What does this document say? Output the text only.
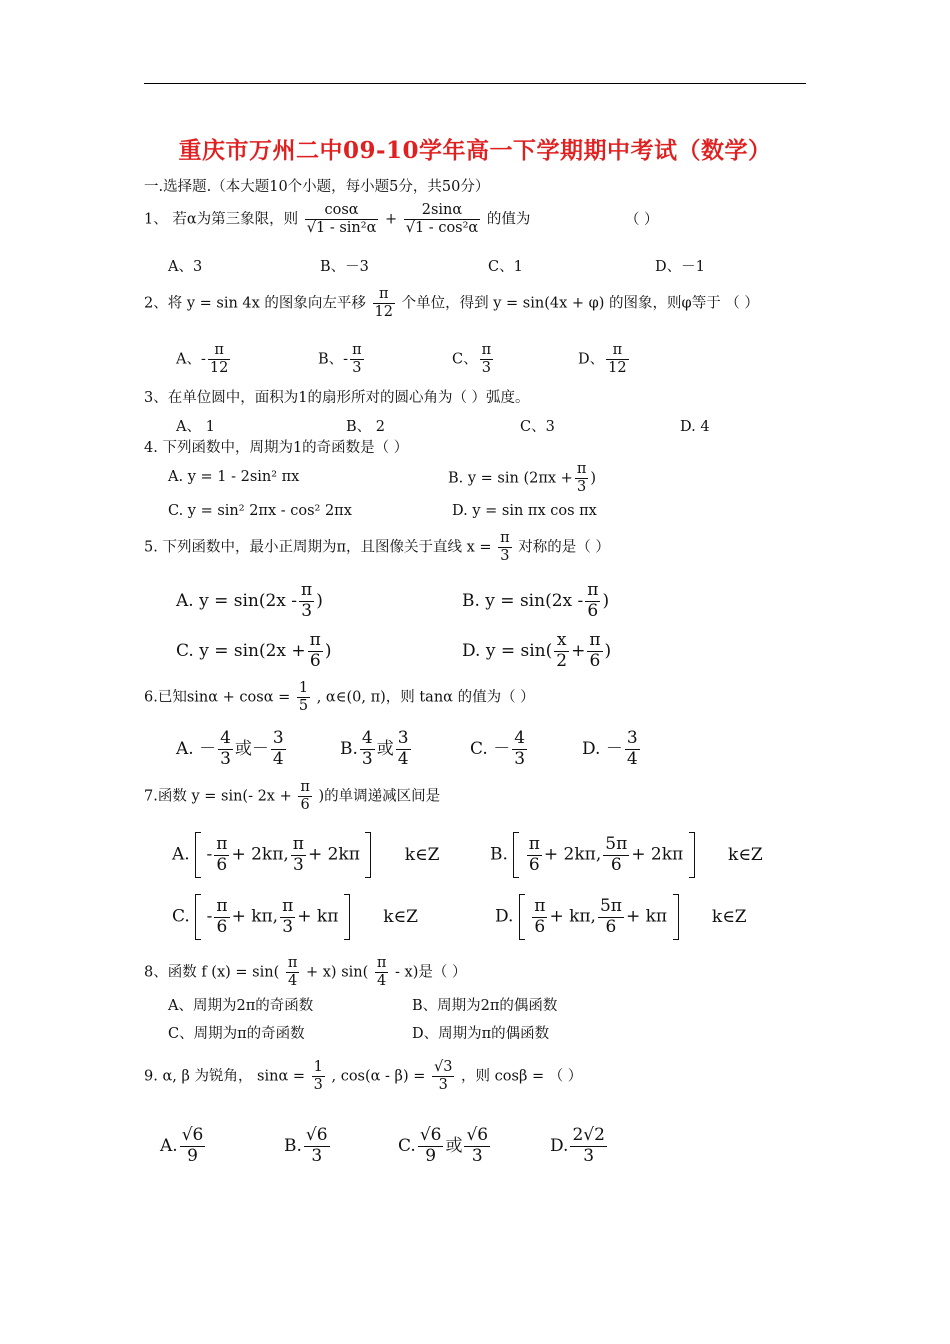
重庆市万州二中09-10学年高一下学期期中考试（数学）
一.选择题.（本大题10个小题，每小题5分，共50分）
1、 若α为第三象限，则 $\frac{\cos\alpha}{\text{√1 - sin²α}} + \frac{2\sin\alpha}{\text{√1 - cos²α}}$ 的值为	（ ）
A、3	B、－3	C、1	D、－1
2、将 y = sin 4x 的图象向左平移 $\frac{\pi}{12}$ 个单位，得到 y = sin(4x + φ) 的图象，则φ等于 （ ）
A、- $\frac{\pi}{12}$	B、- $\frac{\pi}{3}$	C、 $\frac{\pi}{3}$	D、 $\frac{\pi}{12}$
3、在单位圆中，面积为1的扇形所对的圆心角为（ ）弧度。
A、 1	B、 2	C、3	D. 4
4. 下列函数中，周期为1的奇函数是（ ）
A. y = 1 - 2sin² πx	B. $y = \sin (2\pi x + \frac{\pi}{3}$ )
C. y = sin² 2πx - cos² 2πx	D. y = sin πx cos πx
5. 下列函数中，最小正周期为π，且图像关于直线 $x = \frac{\pi}{3}$ 对称的是（ ）
A. $y = \sin(2x - \frac{\pi}{3}$ )	B. $y = \sin(2x - \frac{\pi}{6}$ )
C. $y = \sin(2x + \frac{\pi}{6}$ )	D. $y = \sin( \frac{x}{2} + \frac{\pi}{6}$ )
6.已知$\sin\alpha + \cos\alpha = \frac{1}{5}$ , α∈(0, π)，则 tanα 的值为（ ）
A. － $\frac{4}{3}$ 或－ $\frac{3}{4}$	B. $\frac{4}{3}$ 或 $\frac{3}{4}$	C. － $\frac{4}{3}$	D. － $\frac{3}{4}$
7.函数 y = sin(- $2x + \frac{\pi}{6}$ )的单调递减区间是
A. - $\frac{\pi}{6} + 2k\pi$, $\frac{\pi}{3} + 2k\pi$	k∈Z	B. $\frac{\pi}{6} + 2k\pi$, $\frac{5\pi}{6} + 2k\pi$	k∈Z
C. - $\frac{\pi}{6} + k\pi$, $\frac{\pi}{3} + k\pi$	k∈Z	D. $\frac{\pi}{6} + k\pi$, $\frac{5\pi}{6} + k\pi$	k∈Z
8、函数 f $(x) = \sin( \frac{\pi}{4} + x)$ $\sin( \frac{\pi}{4} - x)$是（ ）
A、周期为2π的奇函数	B、周期为2π的偶函数
C、周期为π的奇函数	D、周期为π的偶函数
9. α, β 为锐角， $\sin\alpha = \frac{1}{3}$ , $\cos(\alpha - \beta) = \frac{√3}{3}$ ，则 cosβ = （ ）
A. $\frac{√6}{9}$	B. $\frac{√6}{3}$	C. $\frac{√6}{9}$ 或 $\frac{√6}{3}$	D. $\frac{2√2}{3}$
